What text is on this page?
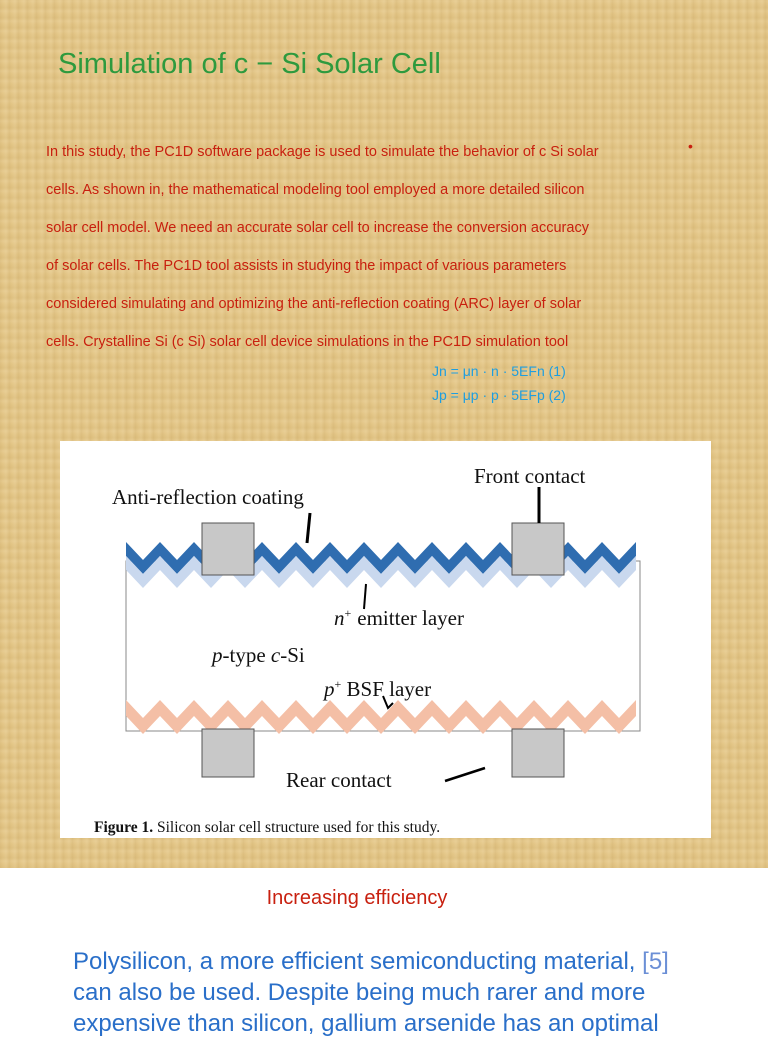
Simulation of c − Si Solar Cell

In this study, the PC1D software package is used to simulate the behavior of c Si solar

cells. As shown in, the mathematical modeling tool employed a more detailed silicon

solar cell model. We need an accurate solar cell to increase the conversion accuracy

of solar cells. The PC1D tool assists in studying the impact of various parameters

considered simulating and optimizing the anti-reflection coating (ARC) layer of solar

cells. Crystalline Si (c Si) solar cell device simulations in the PC1D simulation tool

•
Jn = μn · n · 5EFn (1)
Jp = μp · p · 5EFp (2)
Front contact
Anti-reflection coating
n+ emitter layer
p-type c-Si
p+ BSF layer
Rear contact
Figure 1. Silicon solar cell structure used for this study.
Increasing efficiency

Polysilicon, a more efficient semiconducting material, [5]

can also be used. Despite being much rarer and more

expensive than silicon, gallium arsenide has an optimal
